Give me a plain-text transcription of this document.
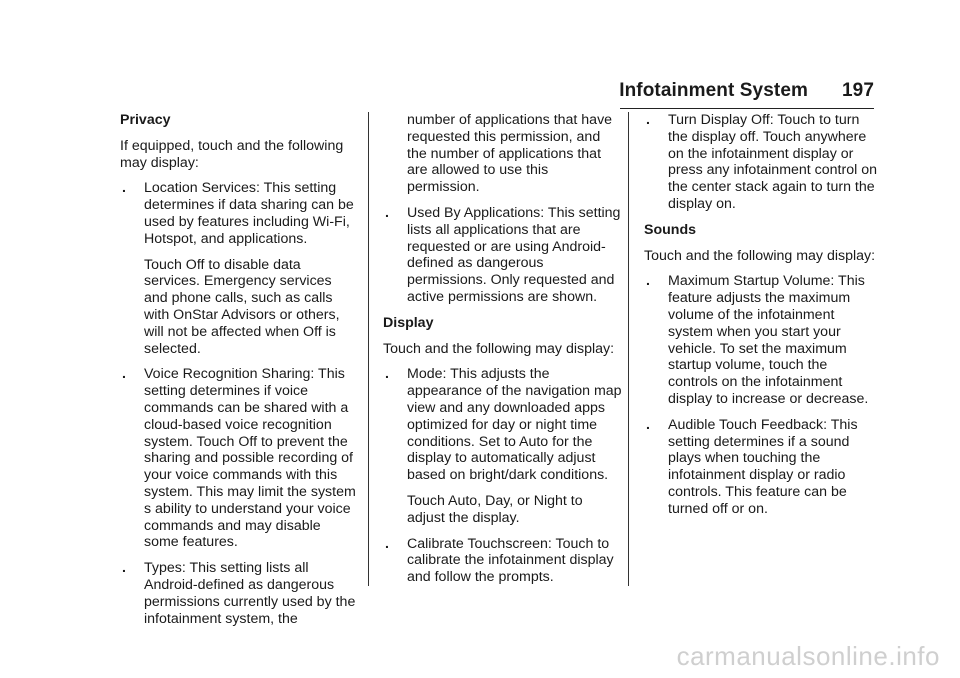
Infotainment System 197
Privacy
If equipped, touch and the following may display:
.	Location Services: This setting determines if data sharing can be used by features including Wi-Fi, Hotspot, and applications.
Touch Off to disable data services. Emergency services and phone calls, such as calls with OnStar Advisors or others, will not be affected when Off is selected.
.	Voice Recognition Sharing: This setting determines if voice commands can be shared with a cloud-based voice recognition system. Touch Off to prevent the sharing and possible recording of your voice commands with this system. This may limit the system s ability to understand your voice commands and may disable some features.
.	Types: This setting lists all Android-defined as dangerous permissions currently used by the infotainment system, the
number of applications that have requested this permission, and the number of applications that are allowed to use this permission.
.	Used By Applications: This setting lists all applications that are requested or are using Android-defined as dangerous permissions. Only requested and active permissions are shown.
Display
Touch and the following may display:
.	Mode: This adjusts the appearance of the navigation map view and any downloaded apps optimized for day or night time conditions. Set to Auto for the display to automatically adjust based on bright/dark conditions.
Touch Auto, Day, or Night to adjust the display.
.	Calibrate Touchscreen: Touch to calibrate the infotainment display and follow the prompts.
.	Turn Display Off: Touch to turn the display off. Touch anywhere on the infotainment display or press any infotainment control on the center stack again to turn the display on.
Sounds
Touch and the following may display:
.	Maximum Startup Volume: This feature adjusts the maximum volume of the infotainment system when you start your vehicle. To set the maximum startup volume, touch the controls on the infotainment display to increase or decrease.
.	Audible Touch Feedback: This setting determines if a sound plays when touching the infotainment display or radio controls. This feature can be turned off or on.
carmanualsonline.info
